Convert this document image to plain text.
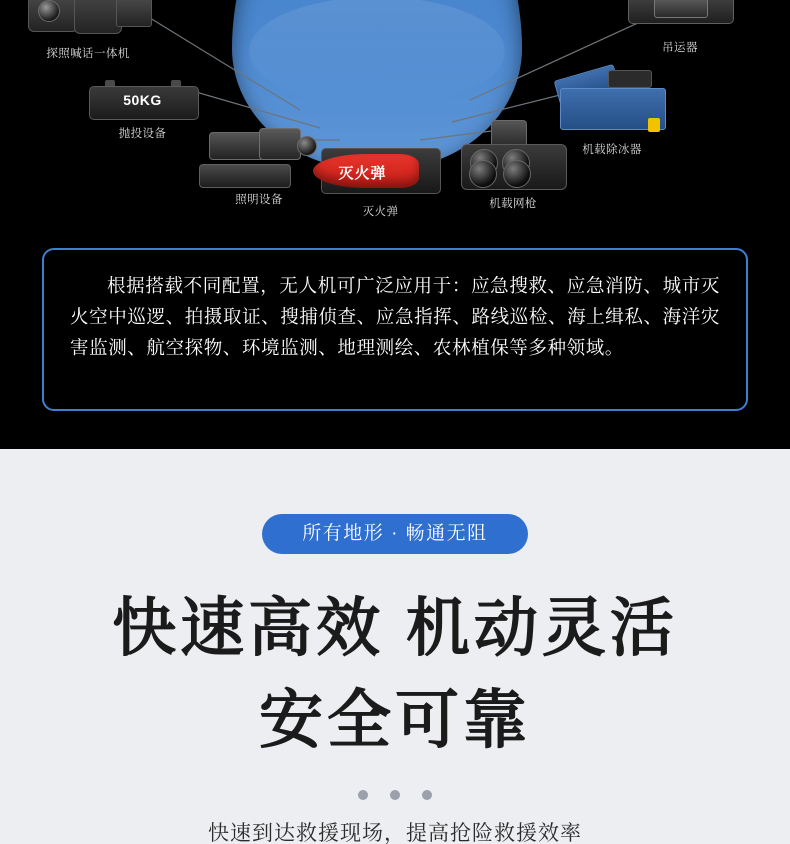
探照喊话一体机
50KG
抛投设备
照明设备
灭火弹
灭火弹
机载网枪
机载除冰器
吊运器

根据搭载不同配置，无人机可广泛应用于：应急搜救、应急消防、城市灭火空中巡逻、拍摄取证、搜捕侦查、应急指挥、路线巡检、海上缉私、海洋灾害监测、航空探物、环境监测、地理测绘、农林植保等多种领域。

所有地形 · 畅通无阻
快速高效 机动灵活
安全可靠

快速到达救援现场，提高抢险救援效率
